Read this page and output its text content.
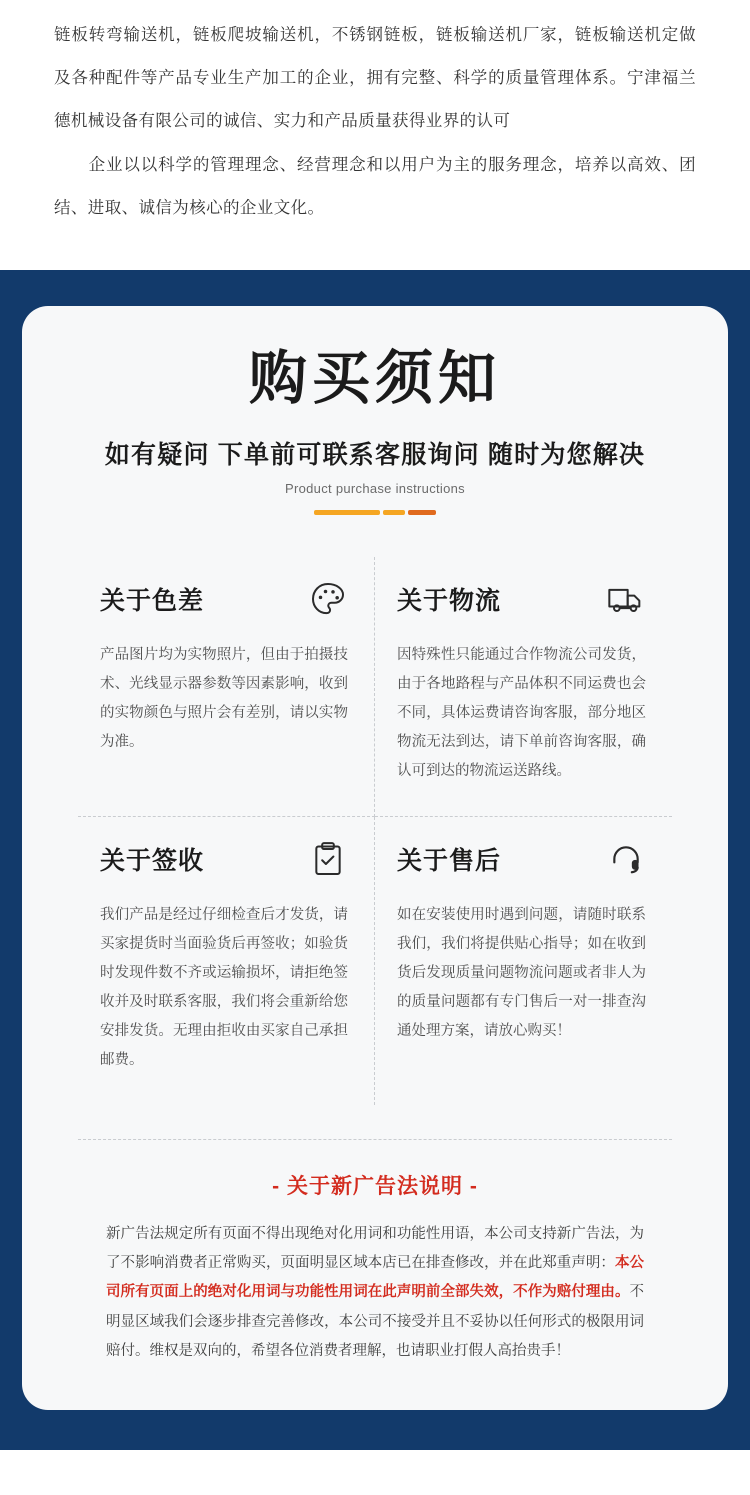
链板转弯输送机，链板爬坡输送机，不锈钢链板，链板输送机厂家，链板输送机定做及各种配件等产品专业生产加工的企业，拥有完整、科学的质量管理体系。宁津福兰德机械设备有限公司的诚信、实力和产品质量获得业界的认可

企业以以科学的管理理念、经营理念和以用户为主的服务理念，培养以高效、团结、进取、诚信为核心的企业文化。

购买须知
如有疑问 下单前可联系客服询问 随时为您解决
Product purchase instructions
关于色差
产品图片均为实物照片，但由于拍摄技术、光线显示器参数等因素影响，收到的实物颜色与照片会有差别，请以实物为准。
关于物流
因特殊性只能通过合作物流公司发货，由于各地路程与产品体积不同运费也会不同，具体运费请咨询客服，部分地区物流无法到达，请下单前咨询客服，确认可到达的物流运送路线。
关于签收
我们产品是经过仔细检查后才发货，请买家提货时当面验货后再签收；如验货时发现件数不齐或运输损坏，请拒绝签收并及时联系客服，我们将会重新给您安排发货。无理由拒收由买家自己承担邮费。
关于售后
如在安装使用时遇到问题，请随时联系我们，我们将提供贴心指导；如在收到货后发现质量问题物流问题或者非人为的质量问题都有专门售后一对一排查沟通处理方案，请放心购买！
- 关于新广告法说明 -
新广告法规定所有页面不得出现绝对化用词和功能性用语，本公司支持新广告法，为了不影响消费者正常购买，页面明显区域本店已在排查修改，并在此郑重声明：本公司所有页面上的绝对化用词与功能性用词在此声明前全部失效，不作为赔付理由。不明显区域我们会逐步排查完善修改，本公司不接受并且不妥协以任何形式的极限用词赔付。维权是双向的，希望各位消费者理解，也请职业打假人高抬贵手！
